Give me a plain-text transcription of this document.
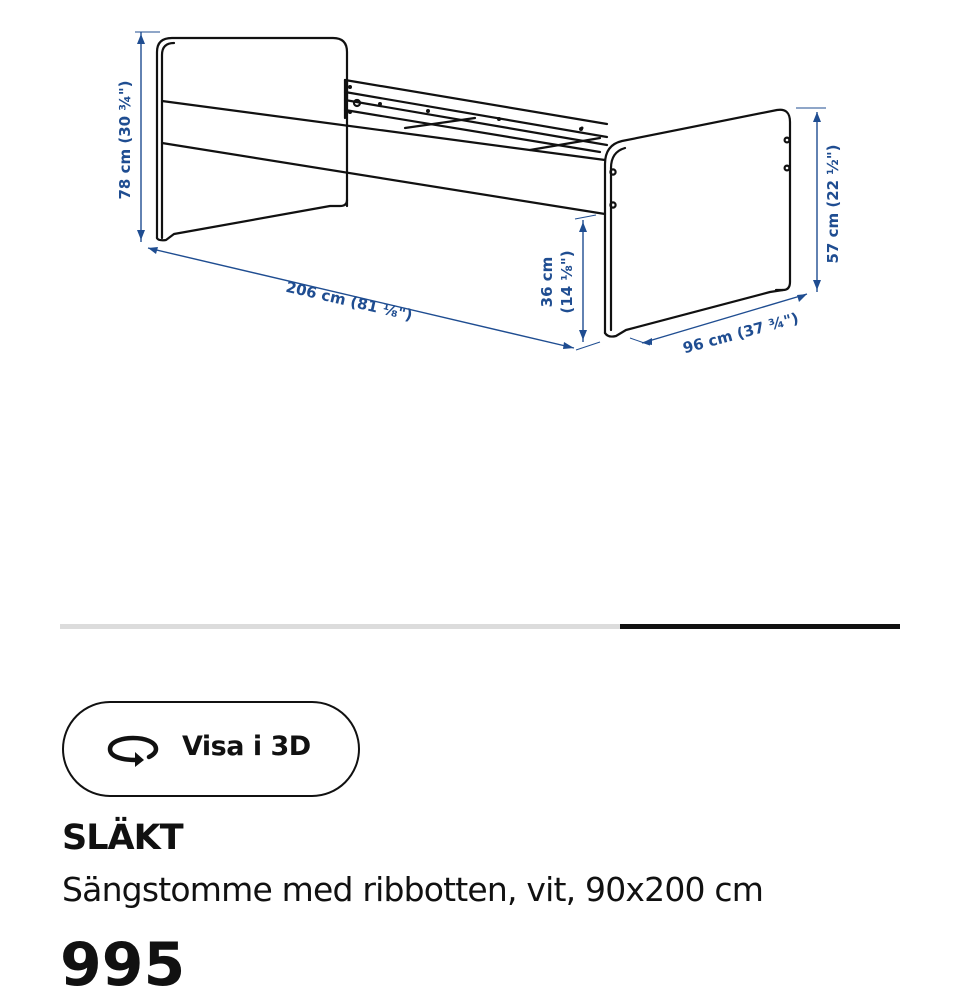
78 cm (30 ¾")
206 cm (81 ⅛")	36 cm (14 ⅛")
96 cm (37 ¾")
57 cm (22 ½")
Visa i 3D
SLÄKT
Sängstomme med ribbotten, vit, 90x200 cm
995
